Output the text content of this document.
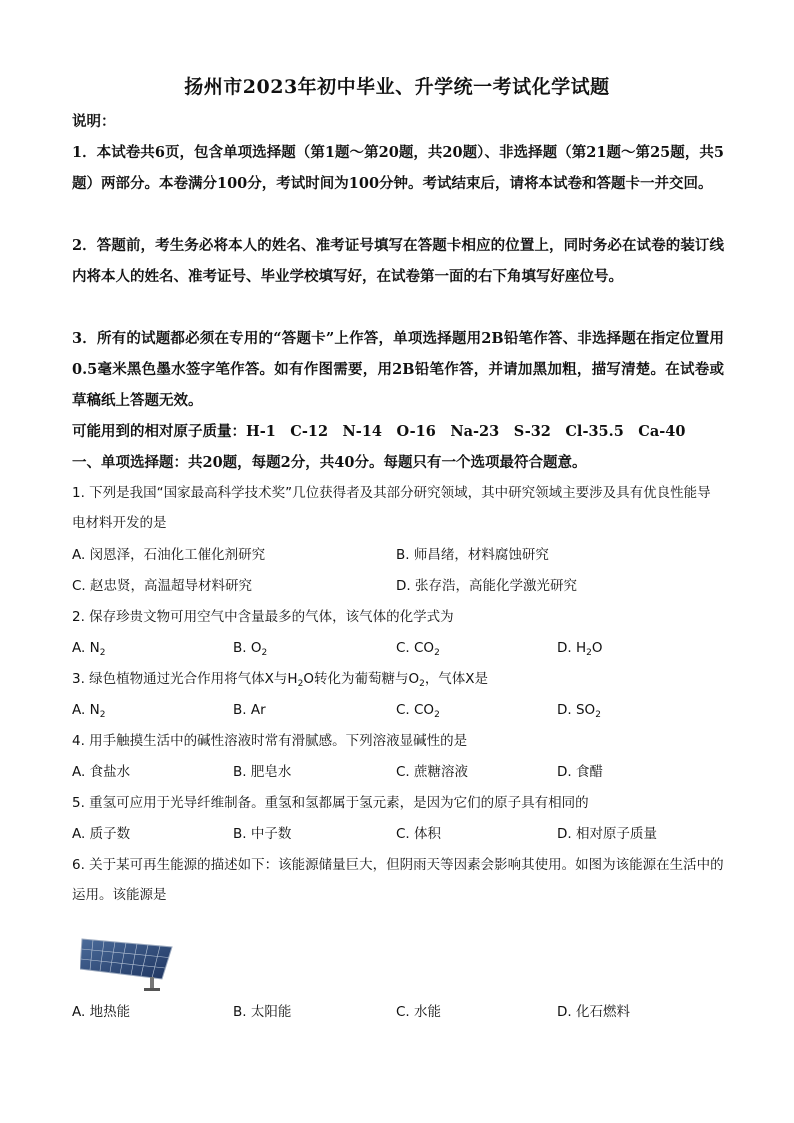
扬州市2023年初中毕业、升学统一考试化学试题
说明：
1．本试卷共6页，包含单项选择题（第1题～第20题，共20题）、非选择题（第21题～第25题，共5题）两部分。本卷满分100分，考试时间为100分钟。考试结束后，请将本试卷和答题卡一并交回。
2．答题前，考生务必将本人的姓名、准考证号填写在答题卡相应的位置上，同时务必在试卷的装订线内将本人的姓名、准考证号、毕业学校填写好，在试卷第一面的右下角填写好座位号。
3．所有的试题都必须在专用的“答题卡”上作答，单项选择题用2B铅笔作答、非选择题在指定位置用0.5毫米黑色墨水签字笔作答。如有作图需要，用2B铅笔作答，并请加黑加粗，描写清楚。在试卷或草稿纸上答题无效。
可能用到的相对原子质量：H-1　C-12　N-14　O-16　Na-23　S-32　Cl-35.5　Ca-40
一、单项选择题：共20题，每题2分，共40分。每题只有一个选项最符合题意。
1. 下列是我国“国家最高科学技术奖”几位获得者及其部分研究领域，其中研究领域主要涉及具有优良性能导电材料开发的是
A. 闵恩泽，石油化工催化剂研究	B. 师昌绪，材料腐蚀研究
C. 赵忠贤，高温超导材料研究	D. 张存浩，高能化学激光研究
2. 保存珍贵文物可用空气中含量最多的气体，该气体的化学式为
A. $N_2$	B. $O_2$	C. $CO_2$	D. $H_2O$
3. 绿色植物通过光合作用将气体X与$H_2O$转化为葡萄糖与$O_2$，气体X是
A. $N_2$	B. Ar	C. $CO_2$	D. $SO_2$
4. 用手触摸生活中的碱性溶液时常有滑腻感。下列溶液显碱性的是
A. 食盐水	B. 肥皂水	C. 蔗糖溶液	D. 食醋
5. 重氢可应用于光导纤维制备。重氢和氢都属于氢元素，是因为它们的原子具有相同的
A. 质子数	B. 中子数	C. 体积	D. 相对原子质量
6. 关于某可再生能源的描述如下：该能源储量巨大，但阴雨天等因素会影响其使用。如图为该能源在生活中的运用。该能源是
A. 地热能	B. 太阳能	C. 水能	D. 化石燃料
